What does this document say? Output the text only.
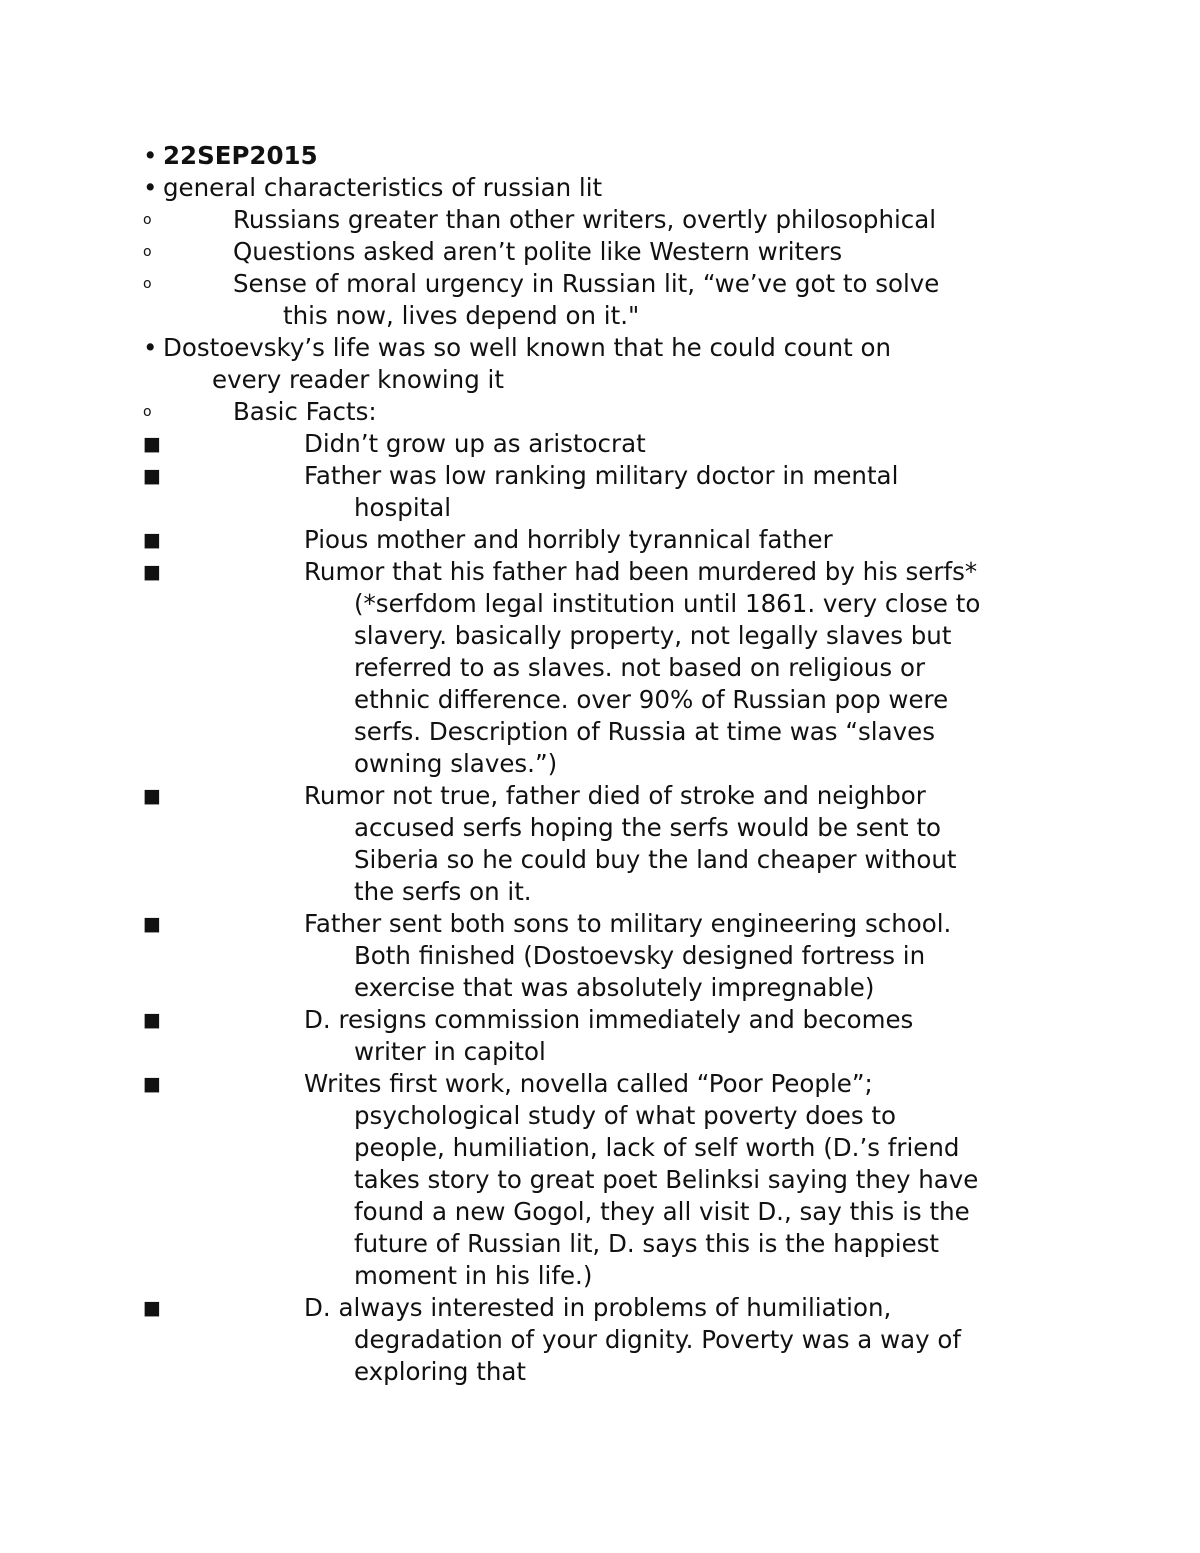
• 22SEP2015
• general characteristics of russian lit
o	Russians greater than other writers, overtly philosophical
o	Questions asked aren’t polite like Western writers
o	Sense of moral urgency in Russian lit, “we’ve got to solve
this now, lives depend on it."
• Dostoevsky’s life was so well known that he could count on
every reader knowing it
o	Basic Facts:
■	Didn’t grow up as aristocrat
■	Father was low ranking military doctor in mental
hospital
■	Pious mother and horribly tyrannical father
■	Rumor that his father had been murdered by his serfs*
(*serfdom legal institution until 1861. very close to
slavery. basically property, not legally slaves but
referred to as slaves. not based on religious or
ethnic difference. over 90% of Russian pop were
serfs. Description of Russia at time was “slaves
owning slaves.”)
■	Rumor not true, father died of stroke and neighbor
accused serfs hoping the serfs would be sent to
Siberia so he could buy the land cheaper without
the serfs on it.
■	Father sent both sons to military engineering school.
Both finished (Dostoevsky designed fortress in
exercise that was absolutely impregnable)
■	D. resigns commission immediately and becomes
writer in capitol
■	Writes first work, novella called “Poor People”;
psychological study of what poverty does to
people, humiliation, lack of self worth (D.’s friend
takes story to great poet Belinksi saying they have
found a new Gogol, they all visit D., say this is the
future of Russian lit, D. says this is the happiest
moment in his life.)
■	D. always interested in problems of humiliation,
degradation of your dignity. Poverty was a way of
exploring that
